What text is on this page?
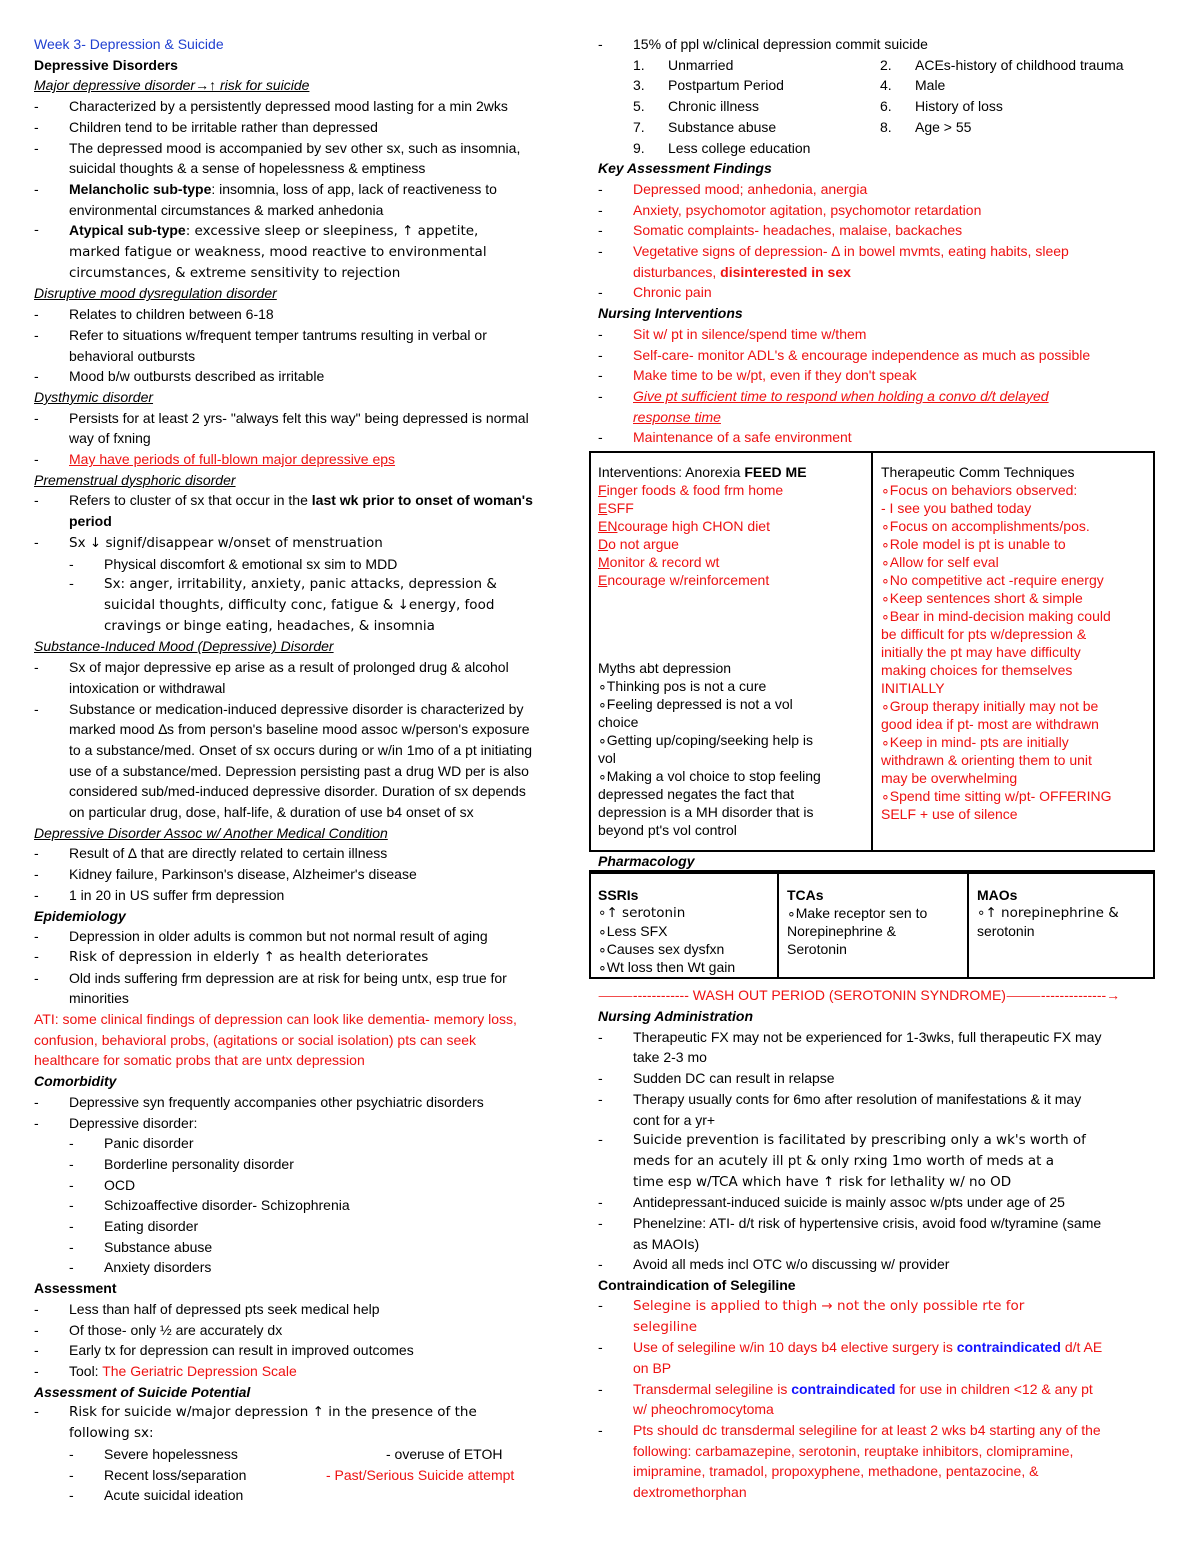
Week 3- Depression & Suicide
Depressive Disorders
Major depressive disorder→↑ risk for suicide
- Characterized by a persistently depressed mood lasting for a min 2wks
- Children tend to be irritable rather than depressed
- The depressed mood is accompanied by sev other sx, such as insomnia,
suicidal thoughts & a sense of hopelessness & emptiness
- Melancholic sub-type: insomnia, loss of app, lack of reactiveness to
environmental circumstances & marked anhedonia
- Atypical sub-type: excessive sleep or sleepiness, ↑ appetite,
marked fatigue or weakness, mood reactive to environmental
circumstances, & extreme sensitivity to rejection
Disruptive mood dysregulation disorder
- Relates to children between 6-18
- Refer to situations w/frequent temper tantrums resulting in verbal or
behavioral outbursts
- Mood b/w outbursts described as irritable
Dysthymic disorder
- Persists for at least 2 yrs- "always felt this way" being depressed is normal
way of fxning
- May have periods of full-blown major depressive eps
Premenstrual dysphoric disorder
- Refers to cluster of sx that occur in the last wk prior to onset of woman's
period
- Sx ↓ signif/disappear w/onset of menstruation
- Physical discomfort & emotional sx sim to MDD
- Sx: anger, irritability, anxiety, panic attacks, depression &
suicidal thoughts, difficulty conc, fatigue & ↓energy, food
cravings or binge eating, headaches, & insomnia
Substance-Induced Mood (Depressive) Disorder
- Sx of major depressive ep arise as a result of prolonged drug & alcohol
intoxication or withdrawal
- Substance or medication-induced depressive disorder is characterized by
marked mood ∆s from person's baseline mood assoc w/person's exposure
to a substance/med. Onset of sx occurs during or w/in 1mo of a pt initiating
use of a substance/med. Depression persisting past a drug WD per is also
considered sub/med-induced depressive disorder. Duration of sx depends
on particular drug, dose, half-life, & duration of use b4 onset of sx
Depressive Disorder Assoc w/ Another Medical Condition
- Result of ∆ that are directly related to certain illness
- Kidney failure, Parkinson's disease, Alzheimer's disease
- 1 in 20 in US suffer frm depression
Epidemiology
- Depression in older adults is common but not normal result of aging
- Risk of depression in elderly ↑ as health deteriorates
- Old inds suffering frm depression are at risk for being untx, esp true for
minorities
ATI: some clinical findings of depression can look like dementia- memory loss,
confusion, behavioral probs, (agitations or social isolation) pts can seek
healthcare for somatic probs that are untx depression
Comorbidity
- Depressive syn frequently accompanies other psychiatric disorders
- Depressive disorder:
- Panic disorder
- Borderline personality disorder
- OCD
- Schizoaffective disorder- Schizophrenia
- Eating disorder
- Substance abuse
- Anxiety disorders
Assessment
- Less than half of depressed pts seek medical help
- Of those- only ½ are accurately dx
- Early tx for depression can result in improved outcomes
- Tool: The Geriatric Depression Scale
Assessment of Suicide Potential
- Risk for suicide w/major depression ↑ in the presence of the
following sx:
- Severe hopelessness	- overuse of ETOH
- Recent loss/separation	- Past/Serious Suicide attempt
- Acute suicidal ideation
- 15% of ppl w/clinical depression commit suicide
1.	Unmarried	2.	ACEs-history of childhood trauma
3.	Postpartum Period	4.	Male
5.	Chronic illness	6.	History of loss
7.	Substance abuse	8.	Age > 55
9.	Less college education
Key Assessment Findings
- Depressed mood; anhedonia, anergia
- Anxiety, psychomotor agitation, psychomotor retardation
- Somatic complaints- headaches, malaise, backaches
- Vegetative signs of depression- ∆ in bowel mvmts, eating habits, sleep
disturbances, disinterested in sex
- Chronic pain
Nursing Interventions
- Sit w/ pt in silence/spend time w/them
- Self-care- monitor ADL's & encourage independence as much as possible
- Make time to be w/pt, even if they don't speak
- Give pt sufficient time to respond when holding a convo d/t delayed
response time
- Maintenance of a safe environment
Interventions: Anorexia FEED ME
Finger foods & food frm home
ESFF
ENcourage high CHON diet
Do not argue
Monitor & record wt
Encourage w/reinforcement
Myths abt depression
∘Thinking pos is not a cure
∘Feeling depressed is not a vol
choice
∘Getting up/coping/seeking help is
vol
∘Making a vol choice to stop feeling
depressed negates the fact that
depression is a MH disorder that is
beyond pt's vol control
Therapeutic Comm Techniques
∘Focus on behaviors observed:
- I see you bathed today
∘Focus on accomplishments/pos.
∘Role model is pt is unable to
∘Allow for self eval
∘No competitive act -require energy
∘Keep sentences short & simple
∘Bear in mind-decision making could
be difficult for pts w/depression &
initially the pt may have difficulty
making choices for themselves
INITIALLY
∘Group therapy initially may not be
good idea if pt- most are withdrawn
∘Keep in mind- pts are initially
withdrawn & orienting them to unit
may be overwhelming
∘Spend time sitting w/pt- OFFERING
SELF + use of silence
Pharmacology
SSRIs
∘↑ serotonin
∘Less SFX
∘Causes sex dysfxn
∘Wt loss then Wt gain
TCAs
∘Make receptor sen to
Norepinephrine &
Serotonin
MAOs
∘↑ norepinephrine &
serotonin
⸻------------ WASH OUT PERIOD (SEROTONIN SYNDROME)⸻--------------→
Nursing Administration
- Therapeutic FX may not be experienced for 1-3wks, full therapeutic FX may
take 2-3 mo
- Sudden DC can result in relapse
- Therapy usually conts for 6mo after resolution of manifestations & it may
cont for a yr+
- Suicide prevention is facilitated by prescribing only a wk's worth of
meds for an acutely ill pt & only rxing 1mo worth of meds at a
time esp w/TCA which have ↑ risk for lethality w/ no OD
- Antidepressant-induced suicide is mainly assoc w/pts under age of 25
- Phenelzine: ATI- d/t risk of hypertensive crisis, avoid food w/tyramine (same
as MAOIs)
- Avoid all meds incl OTC w/o discussing w/ provider
Contraindication of Selegiline
- Selegine is applied to thigh → not the only possible rte for
selegiline
- Use of selegiline w/in 10 days b4 elective surgery is contraindicated d/t AE
on BP
- Transdermal selegiline is contraindicated for use in children <12 & any pt
w/ pheochromocytoma
- Pts should dc transdermal selegiline for at least 2 wks b4 starting any of the
following: carbamazepine, serotonin, reuptake inhibitors, clomipramine,
imipramine, tramadol, propoxyphene, methadone, pentazocine, &
dextromethorphan
